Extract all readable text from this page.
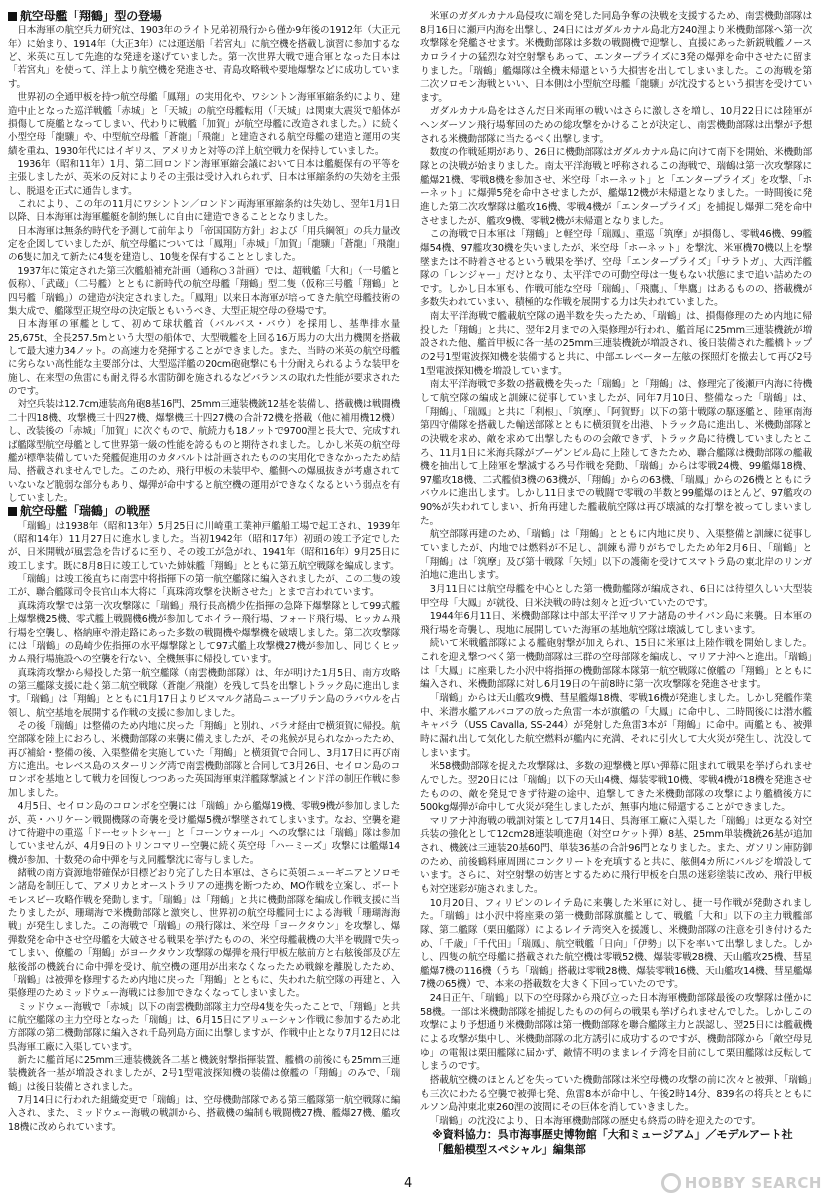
航空母艦「翔鶴」型の登場

日本海軍の航空兵力研究は、1903年のライト兄弟初飛行から僅か9年後の1912年（大正元年）に始まり、1914年（大正3年）には運送船「若宮丸」に航空機を搭載し演習に参加するなど、米英に互して先進的な発達を遂げていました。第一次世界大戦で連合軍となった日本は「若宮丸」を使って、洋上より航空機を発進させ、青島攻略戦や要地爆撃などに成功しています。

世界初の全通甲板を持つ航空母艦「鳳翔」の実用化や、ワシントン海軍軍縮条約により、建造中止となった巡洋戦艦「赤城」と「天城」の航空母艦転用（「天城」は関東大震災で船体が損傷して廃艦となってしまい、代わりに戦艦「加賀」が航空母艦に改造されました。）に続く小型空母「龍驤」や、中型航空母艦「蒼龍」「飛龍」と建造される航空母艦の建造と運用の実績を重ね、1930年代にはイギリス、アメリカと対等の洋上航空戦力を保持していました。

1936年（昭和11年）1月、第二回ロンドン海軍軍縮会議において日本は艦艇保有の平等を主張しましたが、英米の反対によりその主張は受け入れられず、日本は軍縮条約の失効を主張し、脱退を正式に通告します。

これにより、この年の11月にワシントン／ロンドン両海軍軍縮条約は失効し、翌年1月1日以降、日本海軍は海軍艦艇を制約無しに自由に建造できることとなりました。

日本海軍は無条約時代を予測して前年より「帝国国防方針」および「用兵綱領」の兵力量改定を企図していましたが、航空母艦については「鳳翔」「赤城」「加賀」「龍驤」「蒼龍」「飛龍」の6隻に加えて新たに4隻を建造し、10隻を保有することとしました。

1937年に策定された第三次艦船補充計画（通称○３計画）では、超戦艦「大和」（一号艦と仮称）、「武蔵」（二号艦）とともに新時代の航空母艦「翔鶴」型二隻（仮称三号艦「翔鶴」と四号艦「瑞鶴」）の建造が決定されました。「鳳翔」以来日本海軍が培ってきた航空母艦技術の集大成で、艦隊型正規空母の決定版ともいうべき、大型正規空母の登場です。

日本海軍の軍艦として、初めて球状艦首（バルバス・バウ）を採用し、基準排水量25,675t、全長257.5mという大型の船体で、大型戦艦を上回る16万馬力の大出力機関を搭載して最大速力34ノット。の高速力を発揮することができました。また、当時の米英の航空母艦に劣らない高性能な主要部分は、大型巡洋艦の20cm砲砲撃にも十分耐えられるような装甲を施し、在来型の魚雷にも耐え得る水雷防御を施されるなどバランスの取れた性能が要求されたのです。

対空兵装は12.7cm連装高角砲8基16門、25mm三連装機銃12基を装備し、搭載機は戦闘機二十四18機、攻撃機三十四27機、爆撃機三十四27機の合計72機を搭載（他に補用機12機）し、改装後の「赤城」「加賀」に次ぐもので、航続力も18ノットで9700浬と長大で、完成すれば艦隊型航空母艦として世界第一級の性能を誇るものと期待されました。しかし米英の航空母艦が標準装備していた発艦促進用のカタパルトは計画されたものの実用化できなかったため結局、搭載されませんでした。このため、飛行甲板の未装甲や、艦側への爆風抜きが考慮されていないなど脆弱な部分もあり、爆弾が命中すると航空機の運用ができなくなるという弱点を有していました。

航空母艦「瑞鶴」の戦歴

「瑞鶴」は1938年（昭和13年）5月25日に川崎重工業神戸艦船工場で起工され、1939年（昭和14年）11月27日に進水しました。当初1942年（昭和17年）初頭の竣工予定でしたが、日米開戦が風雲急を告げるに至り、その竣工が急がれ、1941年（昭和16年）9月25日に竣工します。既に8月8日に竣工していた姉妹艦「翔鶴」とともに第五航空戦隊を編成します。

「瑞鶴」は竣工後直ちに南雲中将指揮下の第一航空艦隊に編入されましたが、この二隻の竣工が、聯合艦隊司令長官山本大将に「真珠湾攻撃を決断させた」とまで言われています。

真珠湾攻撃では第一次攻撃隊に「瑞鶴」飛行長高橋少佐指揮の急降下爆撃隊として99式艦上爆撃機25機、零式艦上戦闘機6機が参加してホイラー飛行場、フォード飛行場、ヒッカム飛行場を空襲し、格納庫や滑走路にあった多数の戦闘機や爆撃機を破壊しました。第二次攻撃隊には「瑞鶴」の島崎少佐指揮の水平爆撃隊として97式艦上攻撃機27機が参加し、同じくヒッカム飛行場施設への空襲を行ない、全機無事に帰投しています。

真珠湾攻撃から帰投した第一航空艦隊（南雲機動部隊）は、年が明けた1月5日、南方攻略の第三艦隊支援に赴く第二航空戦隊（蒼龍／飛龍）を残して呉を出撃しトラック島に進出します。「瑞鶴」は「翔鶴」とともに1月17日よりビスマルク諸島ニューブリテン島のラバウルを占領し、航空基地を展開する作戦の支援に参加しました。

その後「瑞鶴」は整備のため内地に戻った「翔鶴」と別れ、パラオ経由で横須賀に帰投。航空部隊を陸上におろし、米機動部隊の来襲に備えましたが、その兆候が見られなかったため、再び補給・整備の後、入渠整備を実施していた「翔鶴」と横須賀で合同し、3月17日に再び南方に進出。セレベス島のスターリング湾で南雲機動部隊と合同して3月26日、セイロン島のコロンボを基地として戦力を回復しつつあった英国海軍東洋艦隊撃滅とインド洋の制圧作戦に参加しました。

4月5日、セイロン島のコロンボを空襲には「瑞鶴」から艦爆19機、零戦9機が参加しましたが、英・ハリケーン戦闘機隊の奇襲を受け艦爆5機が撃墜されてしまいます。なお、空襲を避けて待避中の重巡「ドーセットシャー」と「コーンウォール」への攻撃には「瑞鶴」隊は参加していませんが、4月9日のトリンコマリー空襲に続く英空母「ハーミーズ」攻撃には艦爆14機が参加、十数発の命中弾を与え同艦撃沈に寄与しました。

緒戦の南方資源地帯確保が目標どおり完了した日本軍は、さらに英領ニューギニアとソロモン諸島を制圧して、アメリカとオーストラリアの連携を断つため、MO作戦を立案し、ポートモレスビー攻略作戦を発動します。「瑞鶴」は「翔鶴」と共に機動部隊を編成し作戦支援に当たりましたが、珊瑚海で米機動部隊と激突し、世界初の航空母艦同士による海戦「珊瑚海海戦」が発生しました。この海戦で「瑞鶴」の飛行隊は、米空母「ヨークタウン」を攻撃し、爆弾数発を命中させ空母艦を大破させる戦果を挙げたものの、米空母艦載機の大半を戦闘で失ってしまい、僚艦の「翔鶴」がヨークタウン攻撃隊の爆弾を飛行甲板左舷前方と右舷後部及び左舷後部の機銃台に命中弾を受け、航空機の運用が出来なくなったため戦線を離脱したため、「瑞鶴」は被弾を修理するため内地に戻った「翔鶴」とともに、失われた航空隊の再建と、入渠修理のためミッドウェー海戦には参加できなくなってしまいました。

ミッドウェー海戦で「赤城」以下の南雲機動部隊主力空母4隻を失ったことで、「翔鶴」と共に航空艦隊の主力空母となった「瑞鶴」は、6月15日にアリューシャン作戦に参加するため北方部隊の第二機動部隊に編入され千島列島方面に出撃しますが、作戦中止となり7月12日には呉海軍工廠に入渠しています。

新たに艦首尾に25mm三連装機銃各二基と機銃射撃指揮装置、艦橋の前後にも25mm三連装機銃各一基が増設されましたが、2号1型電波探知機の装備は僚艦の「翔鶴」のみで、「瑞鶴」は後日装備とされました。

7月14日に行われた組織変更で「瑞鶴」は、空母機動部隊である第三艦隊第一航空戦隊に編入され、また、ミッドウェー海戦の戦訓から、搭載機の編制も戦闘機27機、艦爆27機、艦攻18機に改められています。

米軍のガダルカナル島侵攻に端を発した同島争奪の決戦を支援するため、南雲機動部隊は8月16日に瀬戸内海を出撃し、24日にはガダルカナル島北方240浬より米機動部隊へ第一次攻撃隊を発艦させます。米機動部隊は多数の戦闘機で迎撃し、直援にあった新鋭戦艦ノースカロライナの猛烈な対空射撃もあって、エンタープライズに3発の爆弾を命中させたに留まりました。「瑞鶴」艦爆隊は全機未帰還という大損害を出してしまいました。この海戦を第二次ソロモン海戦といい、日本側は小型航空母艦「龍驤」が沈没するという損害を受けています。

ガダルカナル島をはさんだ日米両軍の戦いはさらに激しさを増し、10月22日には陸軍がヘンダーソン飛行場奪回のための総攻撃をかけることが決定し、南雲機動部隊は出撃が予想される米機動部隊に当たるべく出撃します。

数度の作戦延期があり、26日に機動部隊はガダルカナル島に向けて南下を開始、米機動部隊との決戦が始まりました。南太平洋海戦と呼称されるこの海戦で、瑞鶴は第一次攻撃隊に艦爆21機、零戦8機を参加させ、米空母「ホーネット」と「エンタープライズ」を攻撃、「ホーネット」に爆弾5発を命中させましたが、艦爆12機が未帰還となりました。一時間後に発進した第二次攻撃隊は艦攻16機、零戦4機が「エンタープライズ」を捕捉し爆弾二発を命中させましたが、艦攻9機、零戦2機が未帰還となりました。

この海戦で日本軍は「翔鶴」と軽空母「瑞鳳」、重巡「筑摩」が損傷し、零戦46機、99艦爆54機、97艦攻30機を失いましたが、米空母「ホーネット」を撃沈、米軍機70機以上を撃墜または不時着させるという戦果を挙げ、空母「エンタープライズ」「サラトガ」、大西洋艦隊の「レンジャー」だけとなり、太平洋での可動空母は一隻もない状態にまで追い詰めたのです。しかし日本軍も、作戦可能な空母「瑞鶴」、「飛鷹」、「隼鷹」はあるものの、搭載機が多数失われていまい、積極的な作戦を展開する力は失われていました。

南太平洋海戦で艦載航空隊の過半数を失ったため、「瑞鶴」は、損傷修理のため内地に帰投した「翔鶴」と共に、翌年2月までの入渠修理が行われ、艦首尾に25mm三連装機銃が増設された他、艦首甲板に各一基の25mm三連装機銃が増設され、後日装備された艦橋トップの2号1型電波探知機を装備すると共に、中部エレベーター左舷の探照灯を撤去して再び2号1型電波探知機を増設しています。

南太平洋海戦で多数の搭載機を失った「瑞鶴」と「翔鶴」は、修理完了後瀬戸内海に待機して航空隊の編成と訓練に従事していましたが、同年7月10日、整備なった「瑞鶴」は、「翔鶴」、「瑞鳳」と共に「利根」、「筑摩」、「阿賀野」以下の第十戦隊の駆逐艦と、陸軍南海第四守備隊を搭載した輸送部隊とともに横須賀を出港、トラック島に進出し、米機動部隊との決戦を求め、敵を求めて出撃したものの会敵できず、トラック島に待機していましたところ、11月1日に米海兵隊がブーゲンビル島に上陸してきたため、聯合艦隊は機動部隊の艦載機を抽出して上陸軍を撃滅するろ号作戦を発動、「瑞鶴」からは零戦24機、99艦爆18機、97艦攻18機、二式艦偵3機の63機が、「翔鶴」からの63機、「瑞鳳」からの26機とともにラバウルに進出します。しかし11日までの戦闘で零戦の半数と99艦爆のほとんど、97艦攻の90%が失われてしまい、折角再建した艦載航空隊は再び壊滅的な打撃を被ってしまいました。

航空部隊再建のため、「瑞鶴」は「翔鶴」とともに内地に戻り、入渠整備と訓練に従事していましたが、内地では燃料が不足し、訓練も滞りがちでしたため年2月6日、「瑞鶴」と「翔鶴」は「筑摩」及び第十戦隊「矢矧」以下の護衛を受けてスマトラ島の東北岸のリンガ泊地に進出します。

3月11日には航空母艦を中心とした第一機動艦隊が編成され、6日には待望久しい大型装甲空母「大鳳」が就役、日米決戦の時は刻々と近づいていたのです。

1944年6月11日、米機動部隊は中部太平洋マリアナ諸島のサイパン島に来襲。日本軍の飛行場を奇襲し、現地に展開していた海軍の基地航空隊は壊滅してしまいます。

続いて米戦艦部隊による艦砲射撃が加えられ、15日に米軍は上陸作戦を開始しました。これを迎え撃つべく第一機動部隊は三群の空母部隊を編成し、マリアナ沖へと進出。「瑞鶴」は「大鳳」に座乗した小沢中将指揮の機動部隊本隊第一航空戦隊に僚艦の「翔鶴」とともに編入され、米機動部隊に対し6月19日の午前8時に第一次攻撃隊を発進させます。

「瑞鶴」からは天山艦攻9機、彗星艦爆18機、零戦16機が発進しました。しかし発艦作業中、米潜水艦アルバコアの放った魚雷一本が旗艦の「大鳳」に命中し、二時間後には潜水艦キャバラ（USS Cavalla, SS-244）が発射した魚雷3本が「翔鶴」に命中。両艦とも、被弾時に漏れ出して気化した航空燃料が艦内に充満、それに引火して大火災が発生し、沈没してしまいます。

米58機動部隊を捉えた攻撃隊は、多数の迎撃機と厚い弾幕に阻まれて戦果を挙げられませんでした。翌20日には「瑞鶴」以下の天山4機、爆装零戦10機、零戦4機が18機を発進させたものの、敵を発見できず待避の途中、追撃してきた米機動部隊の攻撃により艦橋後方に500kg爆弾が命中して火災が発生しましたが、無事内地に帰還することができました。

マリアナ沖海戦の戦訓対策として7月14日、呉海軍工廠に入渠した「瑞鶴」は更なる対空兵装の強化として12cm28連装噴進砲（対空ロケット弾）8基、25mm単装機銃26基が追加され、機銃は三連装20基60門、単装36基の合計96門となりました。また、ガソリン庫防御のため、前後鶴料庫周囲にコンクリートを充填すると共に、舷側4カ所にバルジを増設しています。さらに、対空射撃の妨害とするために飛行甲板を白黒の迷彩塗装に改め、飛行甲板も対空迷彩が施されました。

10月20日、フィリピンのレイテ島に来襲した米軍に対し、捷一号作戦が発動されました。「瑞鶴」は小沢中将座乗の第一機動部隊旗艦として、戦艦「大和」以下の主力戦艦部隊、第二艦隊（栗田艦隊）によるレイテ湾突入を援護し、米機動部隊の注意を引き付けるため、「千歳」「千代田」「瑞鳳」、航空戦艦「日向」「伊勢」以下を率いて出撃しました。しかし、四隻の航空母艦に搭載された航空機は零戦52機、爆装零戦28機、天山艦攻25機、彗星艦爆7機の116機（うち「瑞鶴」搭載は零戦28機、爆装零戦16機、天山艦攻14機、彗星艦爆7機の65機）で、本来の搭載数を大きく下回っていたのです。

24日正午、「瑞鶴」以下の空母隊から飛び立った日本海軍機動部隊最後の攻撃隊は僅かに58機。一部は米機動部隊を捕捉したものの何らの戦果も挙げられませんでした。しかしこの攻撃により予想通り米機動部隊は第一機動部隊を聯合艦隊主力と誤認し、翌25日には艦載機による攻撃が集中し、米機動部隊の北方誘引に成功するのですが、機動部隊から「敵空母見ゆ」の電報は栗田艦隊に届かず、敵情不明のままレイテ湾を目前にして栗田艦隊は反転してしまうのです。

搭載航空機のほとんどを失っていた機動部隊は米空母機の攻撃の前に次々と被弾、「瑞鶴」も三次にわたる空襲で被弾七発、魚雷8本が命中し、午後2時14分、839名の将兵とともにルソン島沖東北東260浬の波間にその巨体を消していきました。

「瑞鶴」の沈没により、日本海軍機動部隊の歴史も終焉の時を迎えたのです。

※資料協力：呉市海事歴史博物館「大和ミュージアム」／モデルアート社「艦船模型スペシャル」編集部
4	HOBBY SEARCH
